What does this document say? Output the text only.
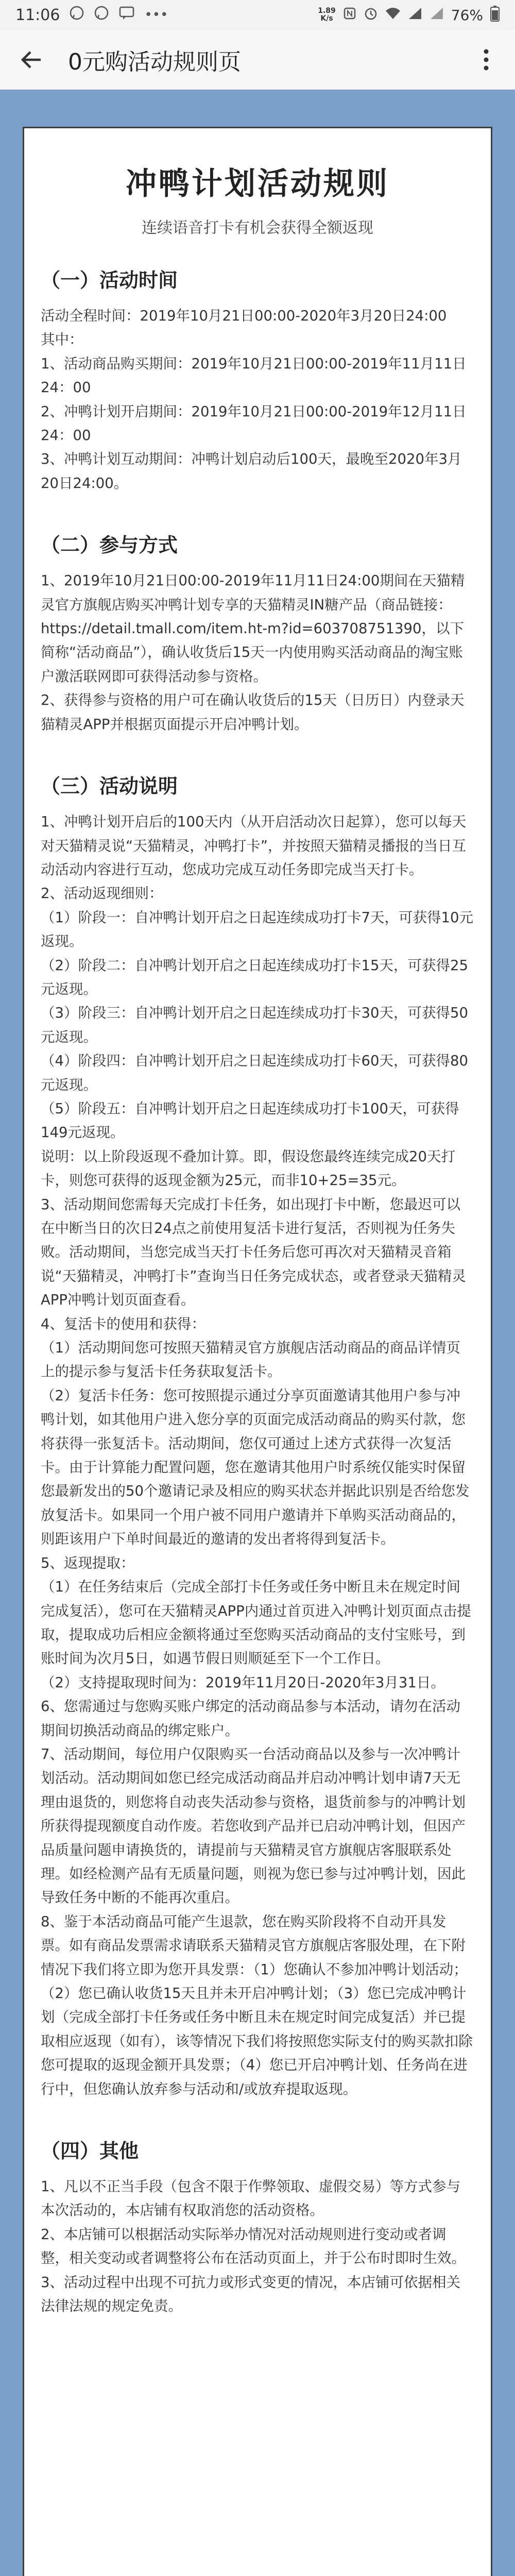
11:06	•••	1.89
K/s	76%
0元购活动规则页
冲鸭计划活动规则
连续语音打卡有机会获得全额返现
（一）活动时间

活动全程时间：2019年10月21日00:00-2020年3月20日24:00

其中：

1、活动商品购买期间：2019年10月21日00:00-2019年11月11日24：00

2、冲鸭计划开启期间：2019年10月21日00:00-2019年12月11日24：00

3、冲鸭计划互动期间：冲鸭计划启动后100天，最晚至2020年3月20日24:00。

（二）参与方式

1、2019年10月21日00:00-2019年11月11日24:00期间在天猫精灵官方旗舰店购买冲鸭计划专享的天猫精灵IN糖产品（商品链接：https://detail.tmall.com/item.ht-m?id=603708751390，以下简称“活动商品”），确认收货后15天一内使用购买活动商品的淘宝账户激活联网即可获得活动参与资格。

2、获得参与资格的用户可在确认收货后的15天（日历日）内登录天猫精灵APP并根据页面提示开启冲鸭计划。

（三）活动说明

1、冲鸭计划开启后的100天内（从开启活动次日起算），您可以每天对天猫精灵说“天猫精灵，冲鸭打卡”，并按照天猫精灵播报的当日互动活动内容进行互动，您成功完成互动任务即完成当天打卡。

2、活动返现细则：

（1）阶段一：自冲鸭计划开启之日起连续成功打卡7天，可获得10元返现。

（2）阶段二：自冲鸭计划开启之日起连续成功打卡15天，可获得25元返现。

（3）阶段三：自冲鸭计划开启之日起连续成功打卡30天，可获得50元返现。

（4）阶段四：自冲鸭计划开启之日起连续成功打卡60天，可获得80元返现。

（5）阶段五：自冲鸭计划开启之日起连续成功打卡100天，可获得149元返现。

说明：以上阶段返现不叠加计算。即，假设您最终连续完成20天打卡，则您可获得的返现金额为25元，而非10+25=35元。

3、活动期间您需每天完成打卡任务，如出现打卡中断，您最迟可以在中断当日的次日24点之前使用复活卡进行复活，否则视为任务失败。活动期间，当您完成当天打卡任务后您可再次对天猫精灵音箱说“天猫精灵，冲鸭打卡”查询当日任务完成状态，或者登录天猫精灵APP冲鸭计划页面查看。

4、复活卡的使用和获得：

（1）活动期间您可按照天猫精灵官方旗舰店活动商品的商品详情页上的提示参与复活卡任务获取复活卡。

（2）复活卡任务：您可按照提示通过分享页面邀请其他用户参与冲鸭计划，如其他用户进入您分享的页面完成活动商品的购买付款，您将获得一张复活卡。活动期间，您仅可通过上述方式获得一次复活卡。由于计算能力配置问题，您在邀请其他用户时系统仅能实时保留您最新发出的50个邀请记录及相应的购买状态并据此识别是否给您发放复活卡。如果同一个用户被不同用户邀请并下单购买活动商品的，则距该用户下单时间最近的邀请的发出者将得到复活卡。

5、返现提取：

（1）在任务结束后（完成全部打卡任务或任务中断且未在规定时间完成复活），您可在天猫精灵APP内通过首页进入冲鸭计划页面点击提取，提取成功后相应金额将通过至您购买活动商品的支付宝账号，到账时间为次月5日，如遇节假日则顺延至下一个工作日。

（2）支持提取现时间为：2019年11月20日-2020年3月31日。

6、您需通过与您购买账户绑定的活动商品参与本活动，请勿在活动期间切换活动商品的绑定账户。

7、活动期间，每位用户仅限购买一台活动商品以及参与一次冲鸭计划活动。活动期间如您已经完成活动商品并启动冲鸭计划申请7天无理由退货的，则您将自动丧失活动参与资格，退货前参与的冲鸭计划所获得提现额度自动作废。若您收到产品并已启动冲鸭计划，但因产品质量问题申请换货的，请提前与天猫精灵官方旗舰店客服联系处理。如经检测产品有无质量问题，则视为您已参与过冲鸭计划，因此导致任务中断的不能再次重启。

8、鉴于本活动商品可能产生退款，您在购买阶段将不自动开具发票。如有商品发票需求请联系天猫精灵官方旗舰店客服处理，在下附情况下我们将立即为您开具发票：（1）您确认不参加冲鸭计划活动；（2）您已确认收货15天且并未开启冲鸭计划；（3）您已完成冲鸭计划（完成全部打卡任务或任务中断且未在规定时间完成复活）并已提取相应返现（如有），该等情况下我们将按照您实际支付的购买款扣除您可提取的返现金额开具发票；（4）您已开启冲鸭计划、任务尚在进行中，但您确认放弃参与活动和/或放弃提取返现。

（四）其他

1、凡以不正当手段（包含不限于作弊领取、虚假交易）等方式参与本次活动的，本店铺有权取消您的活动资格。

2、本店铺可以根据活动实际举办情况对活动规则进行变动或者调整，相关变动或者调整将公布在活动页面上，并于公布时即时生效。

3、活动过程中出现不可抗力或形式变更的情况，本店铺可依据相关法律法规的规定免责。
